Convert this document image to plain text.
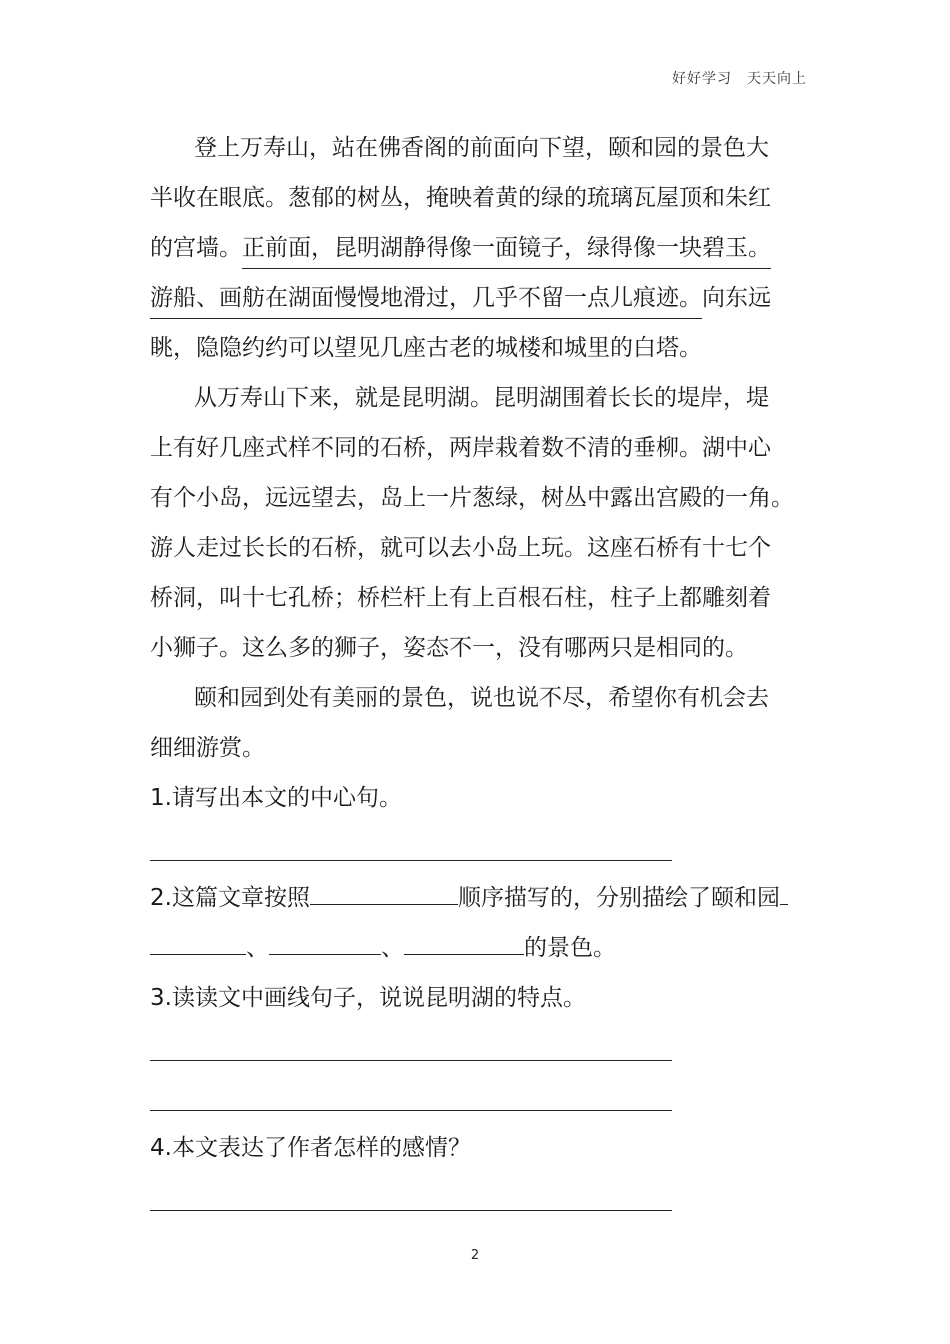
好好学习　天天向上
登上万寿山，站在佛香阁的前面向下望，颐和园的景色大
半收在眼底。葱郁的树丛，掩映着黄的绿的琉璃瓦屋顶和朱红
的宫墙。正前面，昆明湖静得像一面镜子，绿得像一块碧玉。
游船、画舫在湖面慢慢地滑过，几乎不留一点儿痕迹。向东远
眺，隐隐约约可以望见几座古老的城楼和城里的白塔。
从万寿山下来，就是昆明湖。昆明湖围着长长的堤岸，堤
上有好几座式样不同的石桥，两岸栽着数不清的垂柳。湖中心
有个小岛，远远望去，岛上一片葱绿，树丛中露出宫殿的一角。
游人走过长长的石桥，就可以去小岛上玩。这座石桥有十七个
桥洞，叫十七孔桥；桥栏杆上有上百根石柱，柱子上都雕刻着
小狮子。这么多的狮子，姿态不一，没有哪两只是相同的。
颐和园到处有美丽的景色，说也说不尽，希望你有机会去
细细游赏。
1.请写出本文的中心句。
2.这篇文章按照	顺序描写的，分别描绘了颐和园
、	、	的景色。
3.读读文中画线句子，说说昆明湖的特点。
4.本文表达了作者怎样的感情？
2
